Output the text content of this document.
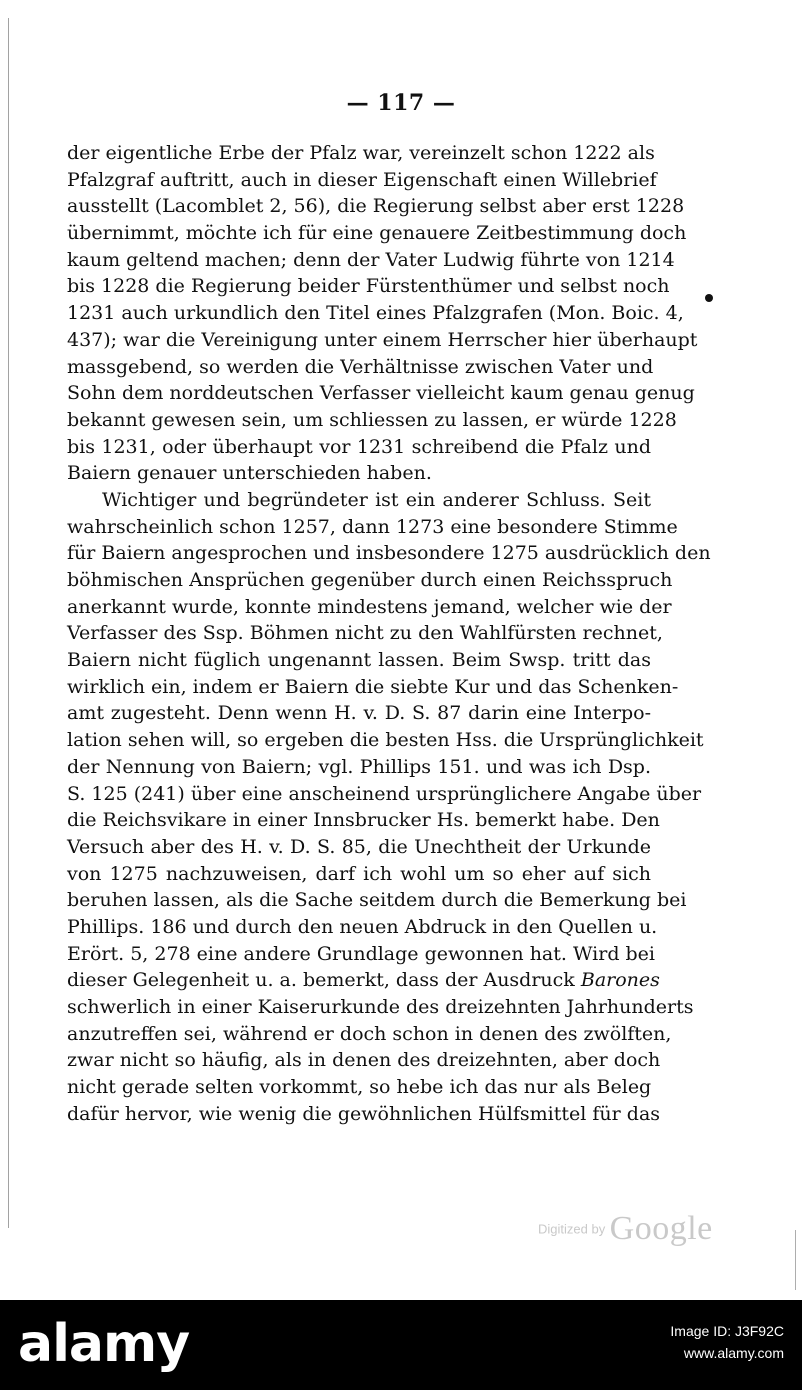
— 117 —
der eigentliche Erbe der Pfalz war, vereinzelt schon 1222 als
Pfalzgraf auftritt, auch in dieser Eigenschaft einen Willebrief
ausstellt (Lacomblet 2, 56), die Regierung selbst aber erst 1228
übernimmt, möchte ich für eine genauere Zeitbestimmung doch
kaum geltend machen; denn der Vater Ludwig führte von 1214
bis 1228 die Regierung beider Fürstenthümer und selbst noch
1231 auch urkundlich den Titel eines Pfalzgrafen (Mon. Boic. 4,
437); war die Vereinigung unter einem Herrscher hier überhaupt
massgebend, so werden die Verhältnisse zwischen Vater und
Sohn dem norddeutschen Verfasser vielleicht kaum genau genug
bekannt gewesen sein, um schliessen zu lassen, er würde 1228
bis 1231, oder überhaupt vor 1231 schreibend die Pfalz und
Baiern genauer unterschieden haben.
Wichtiger und begründeter ist ein anderer Schluss. Seit
wahrscheinlich schon 1257, dann 1273 eine besondere Stimme
für Baiern angesprochen und insbesondere 1275 ausdrücklich den
böhmischen Ansprüchen gegenüber durch einen Reichsspruch
anerkannt wurde, konnte mindestens jemand, welcher wie der
Verfasser des Ssp. Böhmen nicht zu den Wahlfürsten rechnet,
Baiern nicht füglich ungenannt lassen. Beim Swsp. tritt das
wirklich ein, indem er Baiern die siebte Kur und das Schenken-
amt zugesteht. Denn wenn H. v. D. S. 87 darin eine Interpo-
lation sehen will, so ergeben die besten Hss. die Ursprünglichkeit
der Nennung von Baiern; vgl. Phillips 151. und was ich Dsp.
S. 125 (241) über eine anscheinend ursprünglichere Angabe über
die Reichsvikare in einer Innsbrucker Hs. bemerkt habe. Den
Versuch aber des H. v. D. S. 85, die Unechtheit der Urkunde
von 1275 nachzuweisen, darf ich wohl um so eher auf sich
beruhen lassen, als die Sache seitdem durch die Bemerkung bei
Phillips. 186 und durch den neuen Abdruck in den Quellen u.
Erört. 5, 278 eine andere Grundlage gewonnen hat. Wird bei
dieser Gelegenheit u. a. bemerkt, dass der Ausdruck Barones
schwerlich in einer Kaiserurkunde des dreizehnten Jahrhunderts
anzutreffen sei, während er doch schon in denen des zwölften,
zwar nicht so häufig, als in denen des dreizehnten, aber doch
nicht gerade selten vorkommt, so hebe ich das nur als Beleg
dafür hervor, wie wenig die gewöhnlichen Hülfsmittel für das
Digitized by Google
alamy	Image ID: J3F92C
www.alamy.com
